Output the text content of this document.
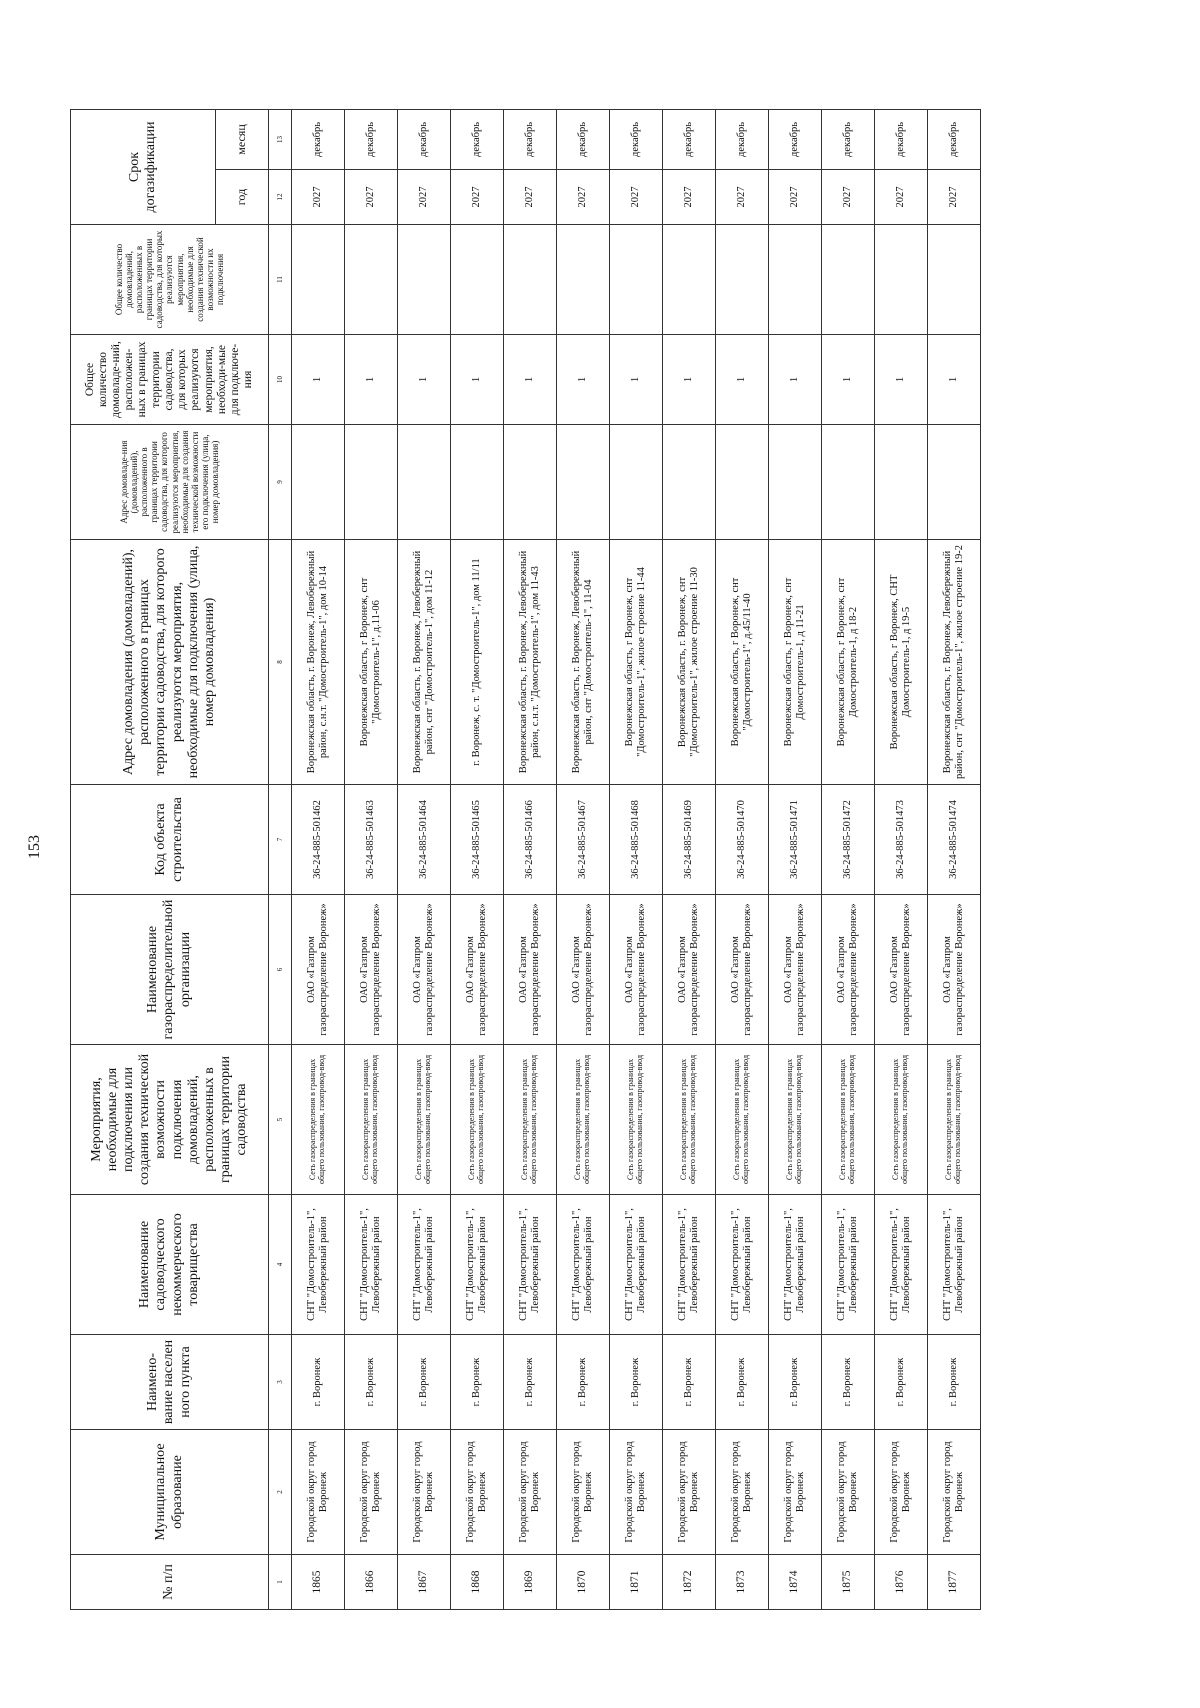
153
№ п/п	Муниципальное образование	Наимено-вание населен ного пункта	Наименование садоводческого некоммерческого товарищества	Мероприятия, необходимые для подключения или создания технической возможности подключения домовладений, расположенных в границах территории садоводства	Наименование газораспределительной организации	Код объекта строительства	Адрес домовладения (домовладений), расположенного в границах территории садоводства, для которого реализуются мероприятия, необходимые для подключения (улица, номер домовладения)	Адрес домовладе-ния (домовладений), расположенного в границах территории садоводства, для которого реализуются мероприятия, необходимые для создания технической возможности его подключения (улица, номер домовладения)	Общее количество домовладе-ний, расположен-ных в границах территории садоводства, для которых реализуются мероприятия, необходи-мые для подключе-ния	Общее количество домовладений, расположенных в границах территории садоводства, для которых реализуются мероприятия, необходимые для создания технической возможности их подключения	Срок догазификации	
											год	месяц
1	2	3	4	5	6	7	8	9	10	11	12	13
1865	Городской округ город Воронеж	г. Воронеж	СНТ "Домостроитель-1", Левобережный район	Сеть газораспределения в границах общего пользования, газопровод-ввод	ОАО «Газпром газораспределение Воронеж»	36-24-885-501462	Воронежская область, г. Воронеж, Левобережный район, с.н.т. "Домостроитель-1", дом 10-14		1		2027	декабрь
1866	Городской округ город Воронеж	г. Воронеж	СНТ "Домостроитель-1", Левобережный район	Сеть газораспределения в границах общего пользования, газопровод-ввод	ОАО «Газпром газораспределение Воронеж»	36-24-885-501463	Воронежская область, г Воронеж, снт "Домостроитель-1", д.11-06		1		2027	декабрь
1867	Городской округ город Воронеж	г. Воронеж	СНТ "Домостроитель-1", Левобережный район	Сеть газораспределения в границах общего пользования, газопровод-ввод	ОАО «Газпром газораспределение Воронеж»	36-24-885-501464	Воронежская область, г. Воронеж, Левобережный район, снт "Домостроитель-1", дом 11-12		1		2027	декабрь
1868	Городской округ город Воронеж	г. Воронеж	СНТ "Домостроитель-1", Левобережный район	Сеть газораспределения в границах общего пользования, газопровод-ввод	ОАО «Газпром газораспределение Воронеж»	36-24-885-501465	г. Воронеж, с. т. "Домостроитель-1", дом 11/11		1		2027	декабрь
1869	Городской округ город Воронеж	г. Воронеж	СНТ "Домостроитель-1", Левобережный район	Сеть газораспределения в границах общего пользования, газопровод-ввод	ОАО «Газпром газораспределение Воронеж»	36-24-885-501466	Воронежская область, г. Воронеж, Левобережный район, с.н.т. "Домостроитель-1", дом 11-43		1		2027	декабрь
1870	Городской округ город Воронеж	г. Воронеж	СНТ "Домостроитель-1", Левобережный район	Сеть газораспределения в границах общего пользования, газопровод-ввод	ОАО «Газпром газораспределение Воронеж»	36-24-885-501467	Воронежская область, г. Воронеж, Левобережный район, снт "Домостроитель-1", 11-04		1		2027	декабрь
1871	Городской округ город Воронеж	г. Воронеж	СНТ "Домостроитель-1", Левобережный район	Сеть газораспределения в границах общего пользования, газопровод-ввод	ОАО «Газпром газораспределение Воронеж»	36-24-885-501468	Воронежская область, г Воронеж, снт "Домостроитель-1", жилое строение 11-44		1		2027	декабрь
1872	Городской округ город Воронеж	г. Воронеж	СНТ "Домостроитель-1", Левобережный район	Сеть газораспределения в границах общего пользования, газопровод-ввод	ОАО «Газпром газораспределение Воронеж»	36-24-885-501469	Воронежская область, г. Воронеж, снт "Домостроитель-1", жилое строение 11-30		1		2027	декабрь
1873	Городской округ город Воронеж	г. Воронеж	СНТ "Домостроитель-1", Левобережный район	Сеть газораспределения в границах общего пользования, газопровод-ввод	ОАО «Газпром газораспределение Воронеж»	36-24-885-501470	Воронежская область, г Воронеж, снт "Домостроитель-1", д.45/11-40		1		2027	декабрь
1874	Городской округ город Воронеж	г. Воронеж	СНТ "Домостроитель-1", Левобережный район	Сеть газораспределения в границах общего пользования, газопровод-ввод	ОАО «Газпром газораспределение Воронеж»	36-24-885-501471	Воронежская область, г Воронеж, снт Домостроитель-1, д 11-21		1		2027	декабрь
1875	Городской округ город Воронеж	г. Воронеж	СНТ "Домостроитель-1", Левобережный район	Сеть газораспределения в границах общего пользования, газопровод-ввод	ОАО «Газпром газораспределение Воронеж»	36-24-885-501472	Воронежская область, г Воронеж, снт Домостроитель-1, д 18-2		1		2027	декабрь
1876	Городской округ город Воронеж	г. Воронеж	СНТ "Домостроитель-1", Левобережный район	Сеть газораспределения в границах общего пользования, газопровод-ввод	ОАО «Газпром газораспределение Воронеж»	36-24-885-501473	Воронежская область, г Воронеж, СНТ Домостроитель-1, д 19-5		1		2027	декабрь
1877	Городской округ город Воронеж	г. Воронеж	СНТ "Домостроитель-1", Левобережный район	Сеть газораспределения в границах общего пользования, газопровод-ввод	ОАО «Газпром газораспределение Воронеж»	36-24-885-501474	Воронежская область, г. Воронеж, Левобережный район, снт "Домостроитель-1", жилое строение 19-2		1		2027	декабрь
